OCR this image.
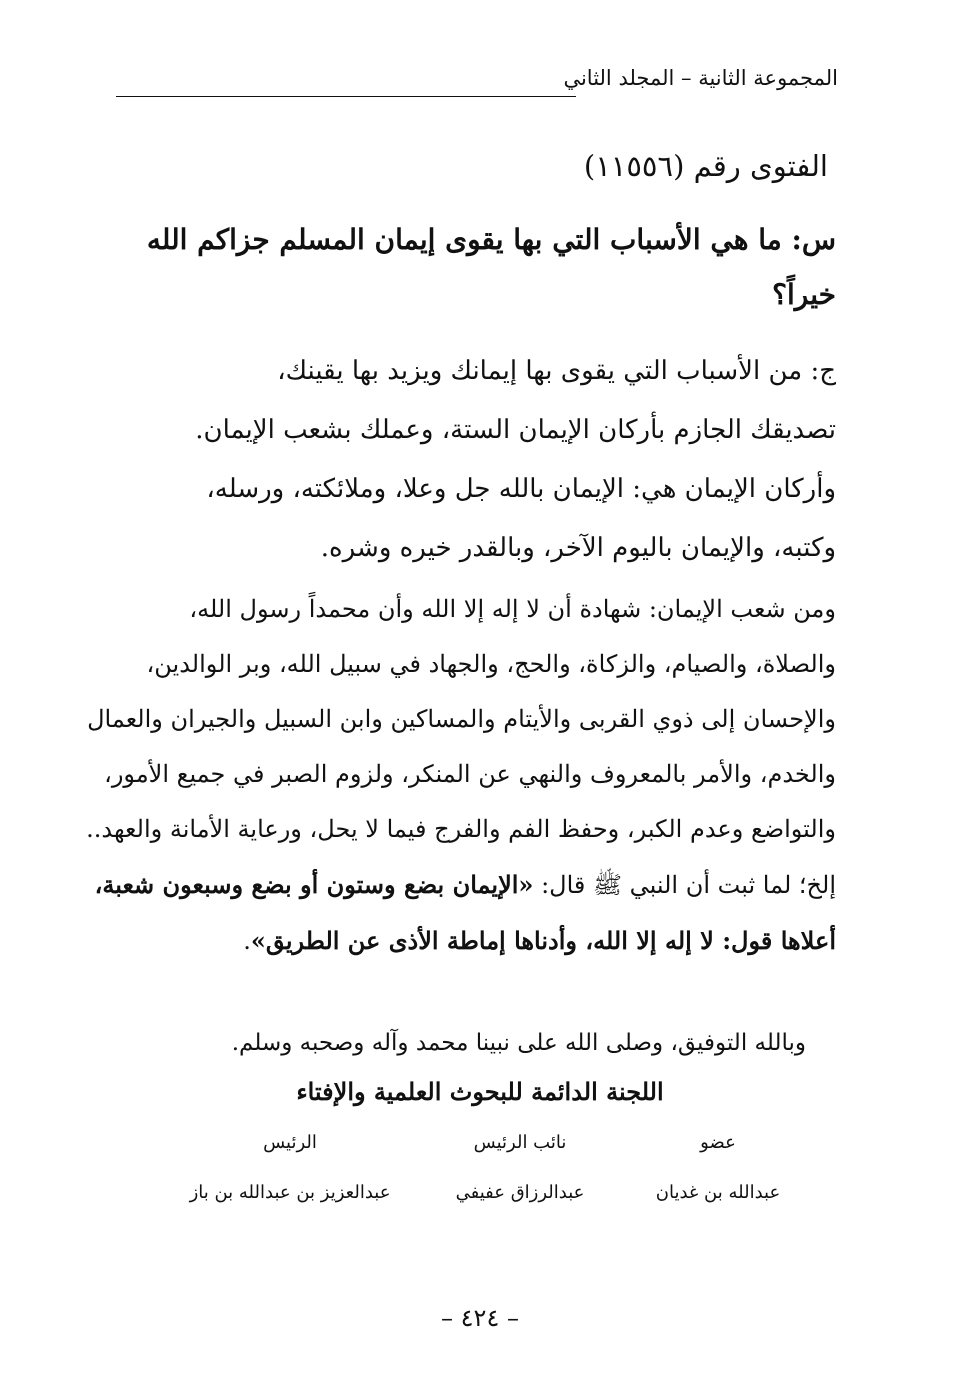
المجموعة الثانية – المجلد الثاني
الفتوى رقم (١١٥٥٦)
س: ما هي الأسباب التي بها يقوى إيمان المسلم جزاكم الله
خيراً؟
ج: من الأسباب التي يقوى بها إيمانك ويزيد بها يقينك،
تصديقك الجازم بأركان الإيمان الستة، وعملك بشعب الإيمان.
وأركان الإيمان هي: الإيمان بالله جل وعلا، وملائكته، ورسله،
وكتبه، والإيمان باليوم الآخر، وبالقدر خيره وشره.
ومن شعب الإيمان: شهادة أن لا إله إلا الله وأن محمداً رسول الله،
والصلاة، والصيام، والزكاة، والحج، والجهاد في سبيل الله، وبر الوالدين،
والإحسان إلى ذوي القربى والأيتام والمساكين وابن السبيل والجيران والعمال
والخدم، والأمر بالمعروف والنهي عن المنكر، ولزوم الصبر في جميع الأمور،
والتواضع وعدم الكبر، وحفظ الفم والفرج فيما لا يحل، ورعاية الأمانة والعهد..
إلخ؛ لما ثبت أن النبي ﷺ قال: «الإيمان بضع وستون أو بضع وسبعون شعبة،
أعلاها قول: لا إله إلا الله، وأدناها إماطة الأذى عن الطريق».
وبالله التوفيق، وصلى الله على نبينا محمد وآله وصحبه وسلم.
اللجنة الدائمة للبحوث العلمية والإفتاء
عضو
عبدالله بن غديان
نائب الرئيس
عبدالرزاق عفيفي
الرئيس
عبدالعزيز بن عبدالله بن باز
– ٤٢٤ –
